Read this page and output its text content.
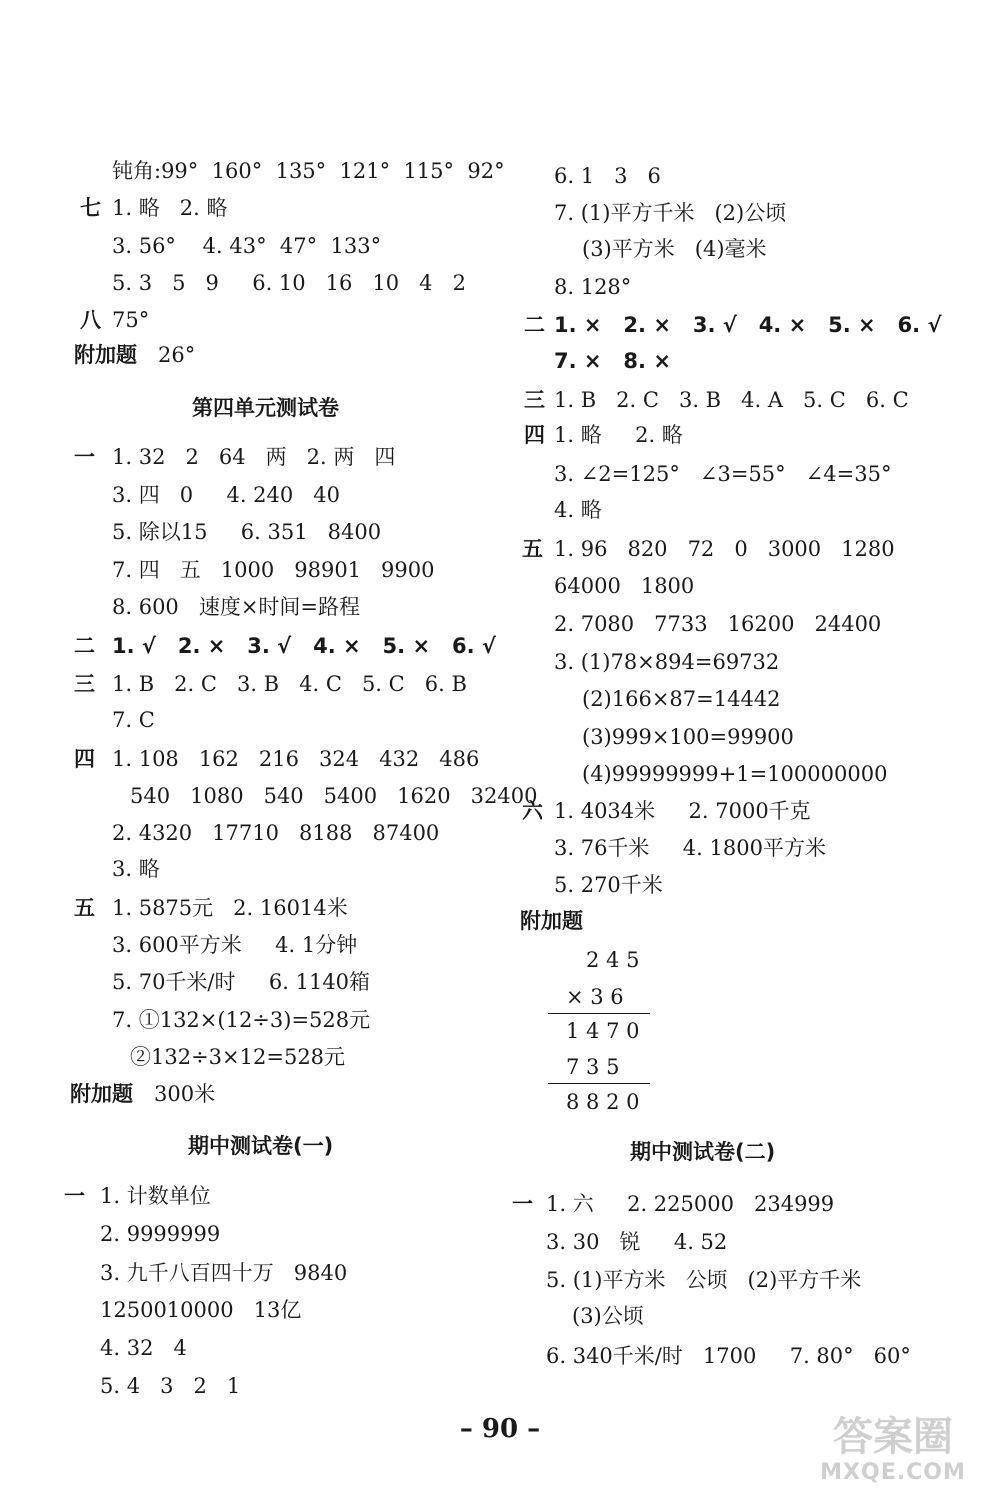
钝角:99°  160°  135°  121°  115°  92°
七 1. 略   2. 略
3. 56°    4. 43°  47°  133°
5. 3   5   9     6. 10   16   10   4   2
八 75°
附加题 26°
第四单元测试卷
一 1. 32   2   64   两   2. 两   四
3. 四   0     4. 240   40
5. 除以15     6. 351   8400
7. 四   五   1000   98901   9900
8. 600   速度×时间=路程
二 1. √   2. ×   3. √   4. ×   5. ×   6. √
三 1. B   2. C   3. B   4. C   5. C   6. B
7. C
四 1. 108   162   216   324   432   486
540   1080   540   5400   1620   32400
2. 4320   17710   8188   87400
3. 略
五 1. 5875元   2. 16014米
3. 600平方米     4. 1分钟
5. 70千米/时     6. 1140箱
7. ①132×(12÷3)=528元
②132÷3×12=528元
附加题 300米
期中测试卷(一)
一 1. 计数单位
2. 9999999
3. 九千八百四十万   9840
1250010000   13亿
4. 32   4
5. 4   3   2   1
6. 1   3   6
7. (1)平方千米   (2)公顷
(3)平方米   (4)毫米
8. 128°
二 1. ×   2. ×   3. √   4. ×   5. ×   6. √
7. ×   8. ×
三 1. B   2. C   3. B   4. A   5. C   6. C
四 1. 略     2. 略
3. ∠2=125°   ∠3=55°   ∠4=35°
4. 略
五 1. 96   820   72   0   3000   1280
64000   1800
2. 7080   7733   16200   24400
3. (1)78×894=69732
(2)166×87=14442
(3)999×100=99900
(4)99999999+1=100000000
六 1. 4034米     2. 7000千克
3. 76千米     4. 1800平方米
5. 270千米
附加题
2 4 5
× 3 6
1 4 7 0
7 3 5
8 8 2 0
期中测试卷(二)
一 1. 六     2. 225000   234999
3. 30   锐     4. 52
5. (1)平方米   公顷   (2)平方千米
(3)公顷
6. 340千米/时   1700     7. 80°   60°
– 90 –	答案圈
MXQE.COM
